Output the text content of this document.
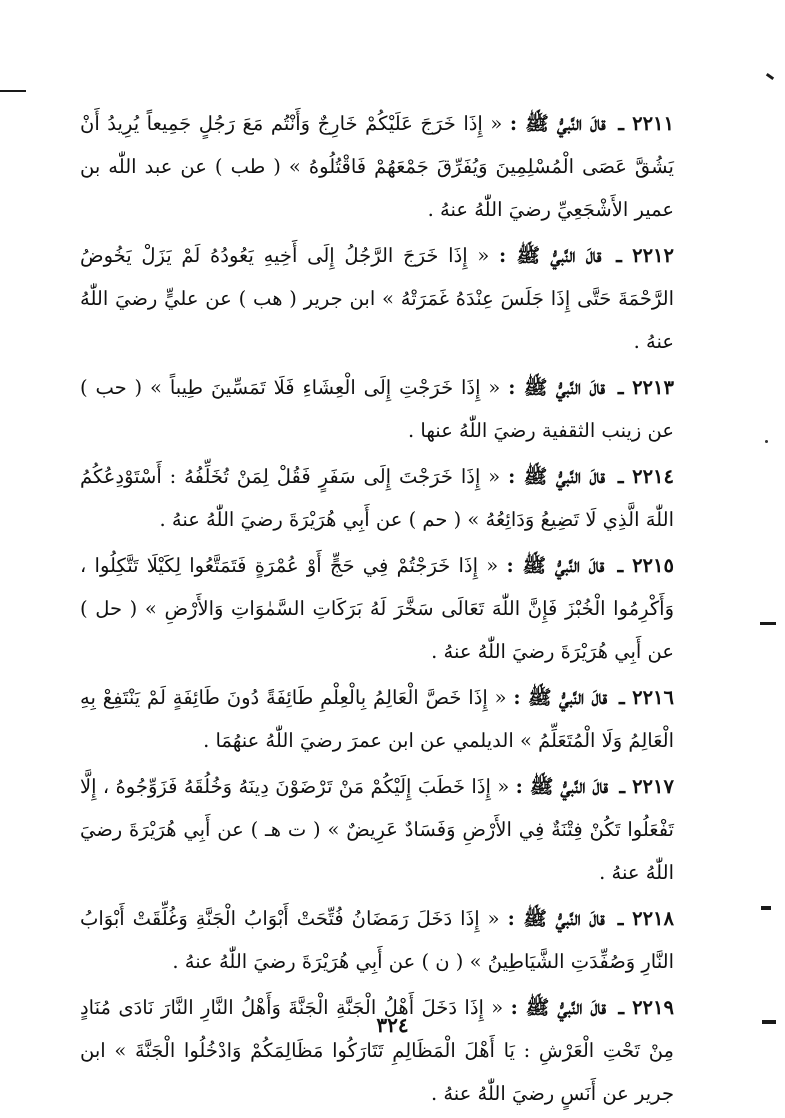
٢٢١١ ـ قالَ النَّبيُّ ﷺ : « إِذَا خَرَجَ عَلَيْكُمْ خَارِجٌ وَأَنْتُم مَعَ رَجُلٍ جَمِيعاً يُرِيدُ أَنْ يَشُقَّ عَصَى الْمُسْلِمِينَ وَيُفَرِّقَ جَمْعَهُمْ فَاقْتُلُوهُ » ( طب ) عن عبد اللّٰه بن عمير الأَشْجَعِيِّ رضيَ اللّٰهُ عنهُ .

٢٢١٢ ـ قالَ النَّبيُّ ﷺ : « إِذَا خَرَجَ الرَّجُلُ إِلَى أَخِيهِ يَعُودُهُ لَمْ يَزَلْ يَخُوضُ الرَّحْمَةَ حَتَّى إِذَا جَلَسَ عِنْدَهُ غَمَرَتْهُ » ابن جرير ( هب ) عن عليٍّ رضيَ اللّٰهُ عنهُ .

٢٢١٣ ـ قالَ النَّبيُّ ﷺ : « إِذَا خَرَجْتِ إِلَى الْعِشَاءِ فَلَا تَمَسِّينَ طِيباً » ( حب ) عن زينب الثقفية رضيَ اللّٰهُ عنها .

٢٢١٤ ـ قالَ النَّبيُّ ﷺ : « إِذَا خَرَجْتَ إِلَى سَفَرٍ فَقُلْ لِمَنْ تُخَلِّفُهُ : أَسْتَوْدِعُكُمُ اللّٰهَ الَّذِي لَا تَضِيعُ وَدَائِعُهُ » ( حم ) عن أَبِي هُرَيْرَةَ رضيَ اللّٰهُ عنهُ .

٢٢١٥ ـ قالَ النَّبيُّ ﷺ : « إِذَا خَرَجْتُمْ فِي حَجٍّ أَوْ عُمْرَةٍ فَتَمَتَّعُوا لِكَيْلَا تَتَّكِلُوا ، وَأَكْرِمُوا الْخُبْزَ فَإِنَّ اللّٰهَ تَعَالَى سَخَّرَ لَهُ بَرَكَاتِ السَّمٰوَاتِ وَالأَرْضِ » ( حل ) عن أَبِي هُرَيْرَةَ رضيَ اللّٰهُ عنهُ .

٢٢١٦ ـ قالَ النَّبيُّ ﷺ : « إِذَا خَصَّ الْعَالِمُ بِالْعِلْمِ طَائِفَةً دُونَ طَائِفَةٍ لَمْ يَنْتَفِعْ بِهِ الْعَالِمُ وَلَا الْمُتَعَلِّمُ » الديلمي عن ابن عمرَ رضيَ اللّٰهُ عنهُمَا .

٢٢١٧ ـ قالَ النَّبيُّ ﷺ : « إِذَا خَطَبَ إِلَيْكُمْ مَنْ تَرْضَوْنَ دِينَهُ وَخُلُقَهُ فَزَوِّجُوهُ ، إِلَّا تَفْعَلُوا تَكُنْ فِتْنَةٌ فِي الأَرْضِ وَفَسَادٌ عَرِيضٌ » ( ت هـ ) عن أَبِي هُرَيْرَةَ رضيَ اللّٰهُ عنهُ .

٢٢١٨ ـ قالَ النَّبيُّ ﷺ : « إِذَا دَخَلَ رَمَضَانُ فُتِّحَتْ أَبْوَابُ الْجَنَّةِ وَغُلِّقَتْ أَبْوَابُ النَّارِ وَصُفِّدَتِ الشَّيَاطِينُ » ( ن ) عن أَبِي هُرَيْرَةَ رضيَ اللّٰهُ عنهُ .

٢٢١٩ ـ قالَ النَّبيُّ ﷺ : « إِذَا دَخَلَ أَهْلُ الْجَنَّةِ الْجَنَّةَ وَأَهْلُ النَّارِ النَّارَ نَادَى مُنَادٍ مِنْ تَحْتِ الْعَرْشِ : يَا أَهْلَ الْمَظَالِمِ تَتَارَكُوا مَظَالِمَكُمْ وَادْخُلُوا الْجَنَّةَ » ابن جرير عن أَنَسٍ رضيَ اللّٰهُ عنهُ .

٣٢٤
